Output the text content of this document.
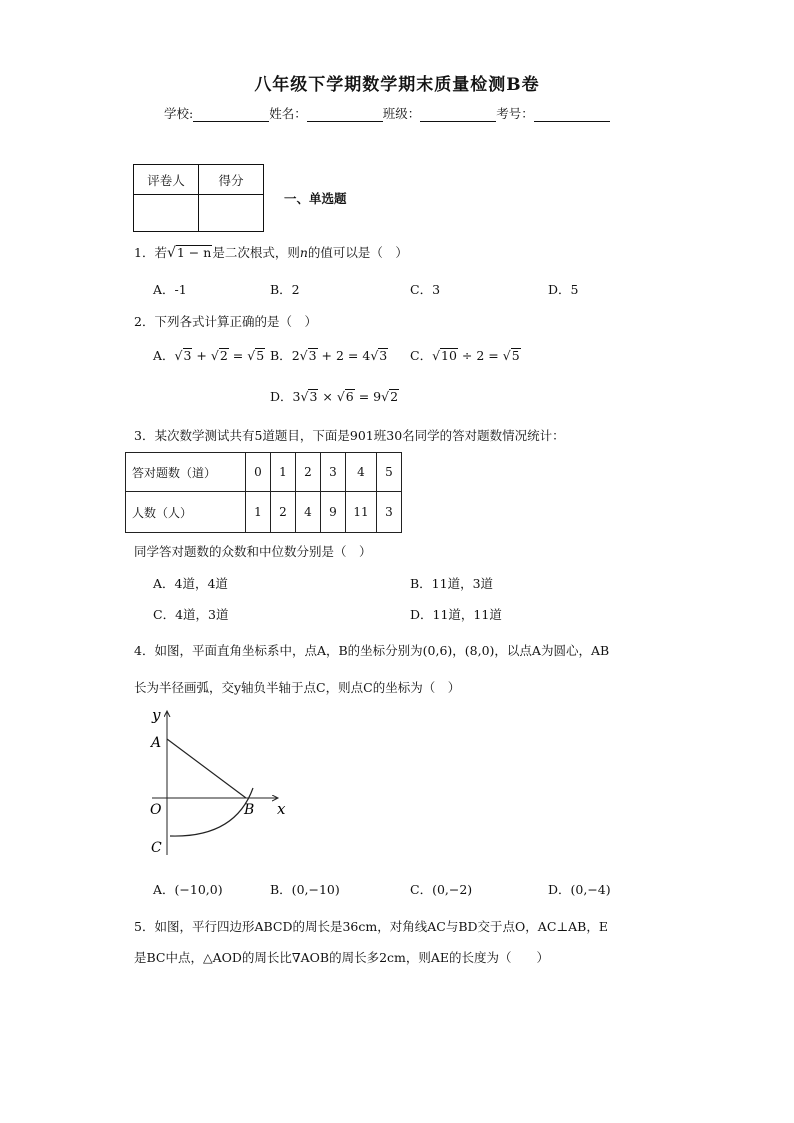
八年级下学期数学期末质量检测B卷
学校:	姓名：	班级：	考号：
评卷人	得分

一、单选题
1．若√1 − n是二次根式，则n的值可以是（　）
A．-1	B．2	C．3	D．5
2．下列各式计算正确的是（　）
A．√3 + √2 = √5 B．2√3 + 2 = 4√3 C．√10 ÷ 2 = √5
D．3√3 × √6 = 9√2
3．某次数学测试共有5道题目，下面是901班30名同学的答对题数情况统计：
答对题数（道）	0	1	2	3	4	5
人数（人）	1	2	4	9	11	3
同学答对题数的众数和中位数分别是（　）
A．4道，4道	B．11道，3道
C．4道，3道	D．11道，11道
4．如图，平面直角坐标系中，点A，B的坐标分别为(0,6)，(8,0)，以点A为圆心，AB
长为半径画弧，交y轴负半轴于点C，则点C的坐标为（　）
y
A
O	B x
C
A．(−10,0)	B．(0,−10)	C．(0,−2)	D．(0,−4)
5．如图，平行四边形ABCD的周长是36cm，对角线AC与BD交于点O，AC⊥AB，E
是BC中点，△AOD的周长比∇AOB的周长多2cm，则AE的长度为（　　）
